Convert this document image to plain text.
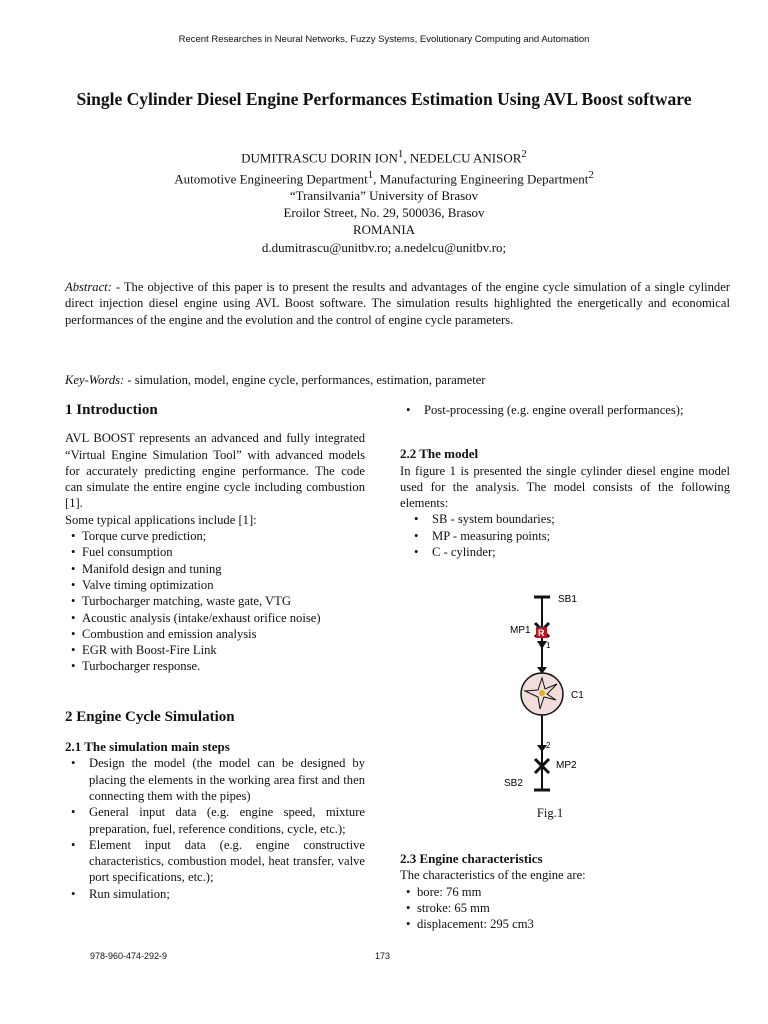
Recent Researches in Neural Networks, Fuzzy Systems, Evolutionary Computing and Automation
Single Cylinder Diesel Engine Performances Estimation Using AVL Boost software
DUMITRASCU DORIN ION$^1$, NEDELCU ANISOR$^2$
Automotive Engineering Department$^1$, Manufacturing Engineering Department$^2$
“Transilvania” University of Brasov
Eroilor Street, No. 29, 500036, Brasov
ROMANIA
d.dumitrascu@unitbv.ro; a.nedelcu@unitbv.ro;
Abstract: - The objective of this paper is to present the results and advantages of the engine cycle simulation of a single cylinder direct injection diesel engine using AVL Boost software. The simulation results highlighted the energetically and economical performances of the engine and the evolution and the control of engine cycle parameters.
Key-Words: - simulation, model, engine cycle, performances, estimation, parameter

1 Introduction

AVL BOOST represents an advanced and fully integrated “Virtual Engine Simulation Tool” with advanced models for accurately predicting engine performance. The code can simulate the entire engine cycle including combustion [1].
Some typical applications include [1]:
• Torque curve prediction;
• Fuel consumption
• Manifold design and tuning
• Valve timing optimization
• Turbocharger matching, waste gate, VTG
• Acoustic analysis (intake/exhaust orifice noise)
• Combustion and emission analysis
• EGR with Boost-Fire Link
• Turbocharger response.

2 Engine Cycle Simulation

2.1 The simulation main steps

• Design the model (the model can be designed by placing the elements in the working area first and then connecting them with the pipes)
• General input data (e.g. engine speed, mixture preparation, fuel, reference conditions, cycle, etc.);
• Element input data (e.g. engine constructive characteristics, combustion model, heat transfer, valve port specifications, etc.);
• Run simulation;
• Post-processing (e.g. engine overall performances);

2.2 The model

In figure 1 is presented the single cylinder diesel engine model used for the analysis. The model consists of the following elements:
• SB - system boundaries;
• MP - measuring points;
• C - cylinder;
SB1
R
MP1
1
C1
2
MP2
SB2
Fig.1

2.3 Engine characteristics

The characteristics of the engine are:
• bore: 76 mm
• stroke: 65 mm
• displacement: 295 cm3
978-960-474-292-9	173
